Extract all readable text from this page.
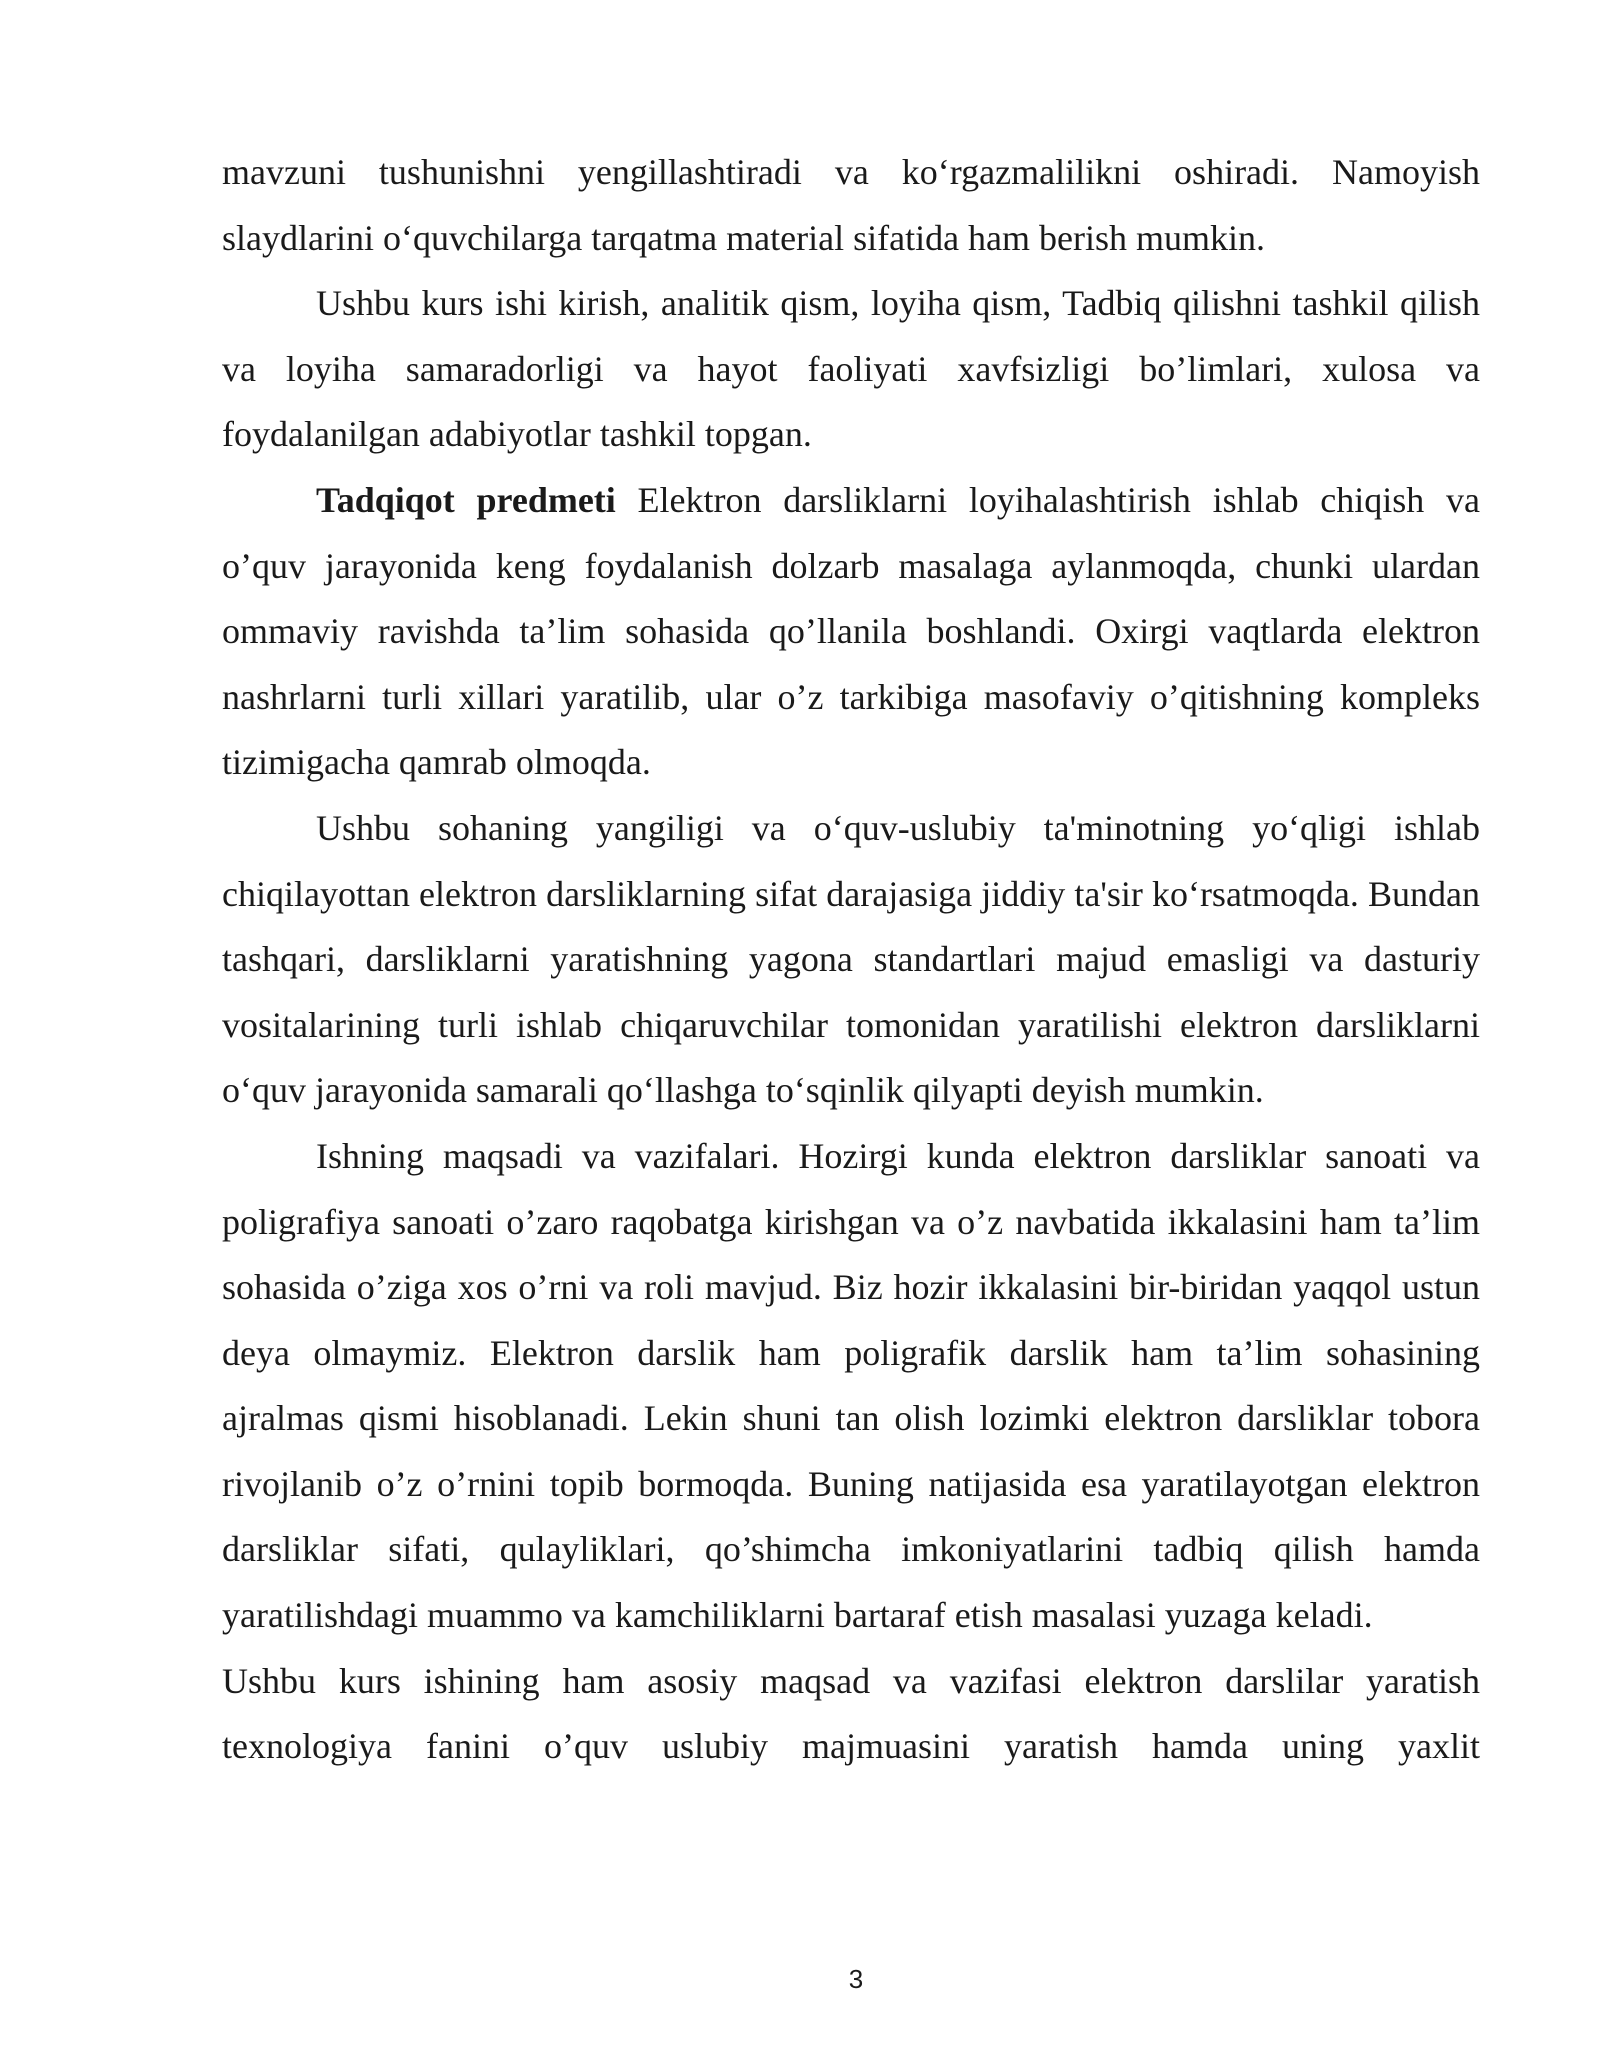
mavzuni tushunishni yengillashtiradi va ko‘rgazmalilikni oshiradi. Namoyish slaydlarini o‘quvchilarga tarqatma material sifatida ham berish mumkin.

Ushbu kurs ishi kirish, analitik qism, loyiha qism, Tadbiq qilishni tashkil qilish va loyiha samaradorligi va hayot faoliyati xavfsizligi bo’limlari, xulosa va foydalanilgan adabiyotlar tashkil topgan.

Tadqiqot predmeti Elektron darsliklarni loyihalashtirish ishlab chiqish va o’quv jarayonida keng foydalanish dolzarb masalaga aylanmoqda, chunki ulardan ommaviy ravishda ta’lim sohasida qo’llanila boshlandi. Oxirgi vaqtlarda elektron nashrlarni turli xillari yaratilib, ular o’z tarkibiga masofaviy o’qitishning kompleks tizimigacha qamrab olmoqda.

Ushbu sohaning yangiligi va o‘quv-uslubiy ta'minotning yo‘qligi ishlab chiqilayottan elektron darsliklarning sifat darajasiga jiddiy ta'sir ko‘rsatmoqda. Bundan tashqari, darsliklarni yaratishning yagona standartlari majud emasligi va dasturiy vositalarining turli ishlab chiqaruvchilar tomonidan yaratilishi elektron darsliklarni o‘quv jarayonida samarali qo‘llashga to‘sqinlik qilyapti deyish mumkin.

Ishning maqsadi va vazifalari. Hozirgi kunda elektron darsliklar sanoati va poligrafiya sanoati o’zaro raqobatga kirishgan va o’z navbatida ikkalasini ham ta’lim sohasida o’ziga xos o’rni va roli mavjud. Biz hozir ikkalasini bir-biridan yaqqol ustun deya olmaymiz. Elektron darslik ham poligrafik darslik ham ta’lim sohasining ajralmas qismi hisoblanadi. Lekin shuni tan olish lozimki elektron darsliklar tobora rivojlanib o’z o’rnini topib bormoqda. Buning natijasida esa yaratilayotgan elektron darsliklar sifati, qulayliklari, qo’shimcha imkoniyatlarini tadbiq qilish hamda yaratilishdagi muammo va kamchiliklarni bartaraf etish masalasi yuzaga keladi.

Ushbu kurs ishining ham asosiy maqsad va vazifasi elektron darslilar yaratish texnologiya fanini o’quv uslubiy majmuasini yaratish hamda uning yaxlit

3
